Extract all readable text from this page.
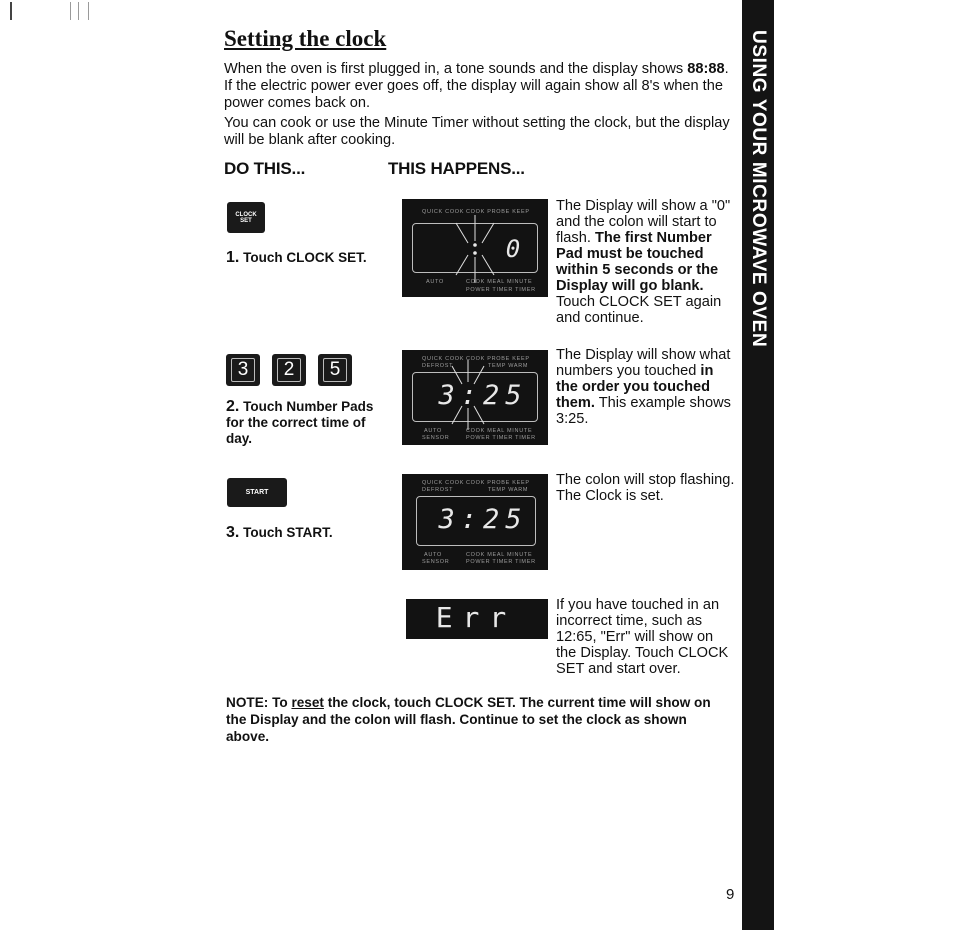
USING YOUR MICROWAVE OVEN
Setting the clock

When the oven is first plugged in, a tone sounds and the display shows 88:88. If the electric power ever goes off, the display will again show all 8's when the power comes back on.

You can cook or use the Minute Timer without setting the clock, but the display will be blank after cooking.

DO THIS...	THIS HAPPENS...
CLOCK
SET

1. Touch CLOCK SET.

QUICK COOK COOK PROBE KEEP
0
AUTO	COOK MEAL MINUTE
POWER TIMER TIMER

The Display will show a "0" and the colon will start to flash. The first Number Pad must be touched within 5 seconds or the Display will go blank. Touch CLOCK SET again and continue.

3	2	5

2. Touch Number Pads for the correct time of day.

QUICK COOK COOK PROBE KEEP
DEFROST	TEMP WARM
3:25
AUTO	COOK MEAL MINUTE
SENSOR	POWER TIMER TIMER

The Display will show what numbers you touched in the order you touched them. This example shows 3:25.

START

3. Touch START.

QUICK COOK COOK PROBE KEEP
DEFROST	TEMP WARM
3:25
AUTO	COOK MEAL MINUTE
SENSOR	POWER TIMER TIMER

The colon will stop flashing. The Clock is set.

Err	If you have touched in an incorrect time, such as 12:65, "Err" will show on the Display. Touch CLOCK SET and start over.

NOTE: To reset the clock, touch CLOCK SET. The current time will show on the Display and the colon will flash. Continue to set the clock as shown above.

9
